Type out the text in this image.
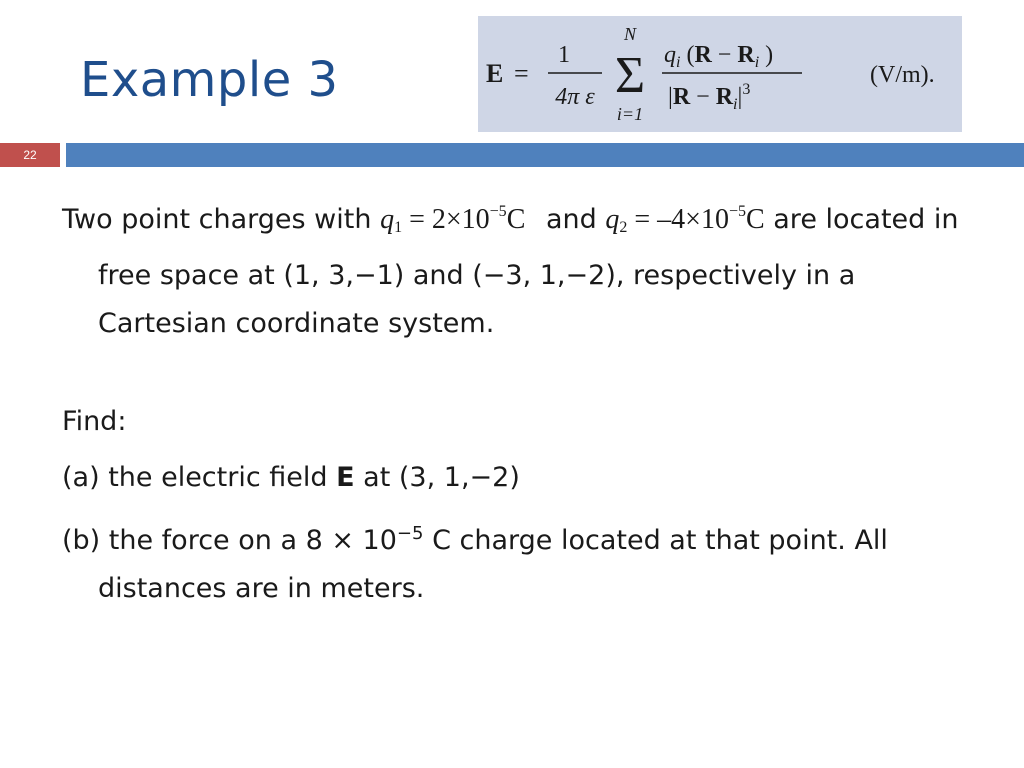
Example 3	E =
1
4π ε
N
Σ
i=1
$q_i$ ($R - R_i$ )
$|R - R_i|^3$
(V/m).
22

Two point charges with $q_1 = 2\times 10^{-5}C$ and $q_2 = -4\times 10^{-5}C$ are located in free space at (1, 3,−1) and (−3, 1,−2), respectively in a Cartesian coordinate system.

Find:

(a) the electric field E at (3, 1,−2)

(b) the force on a $8 \times 10^{-5}$ C charge located at that point. All distances are in meters.
